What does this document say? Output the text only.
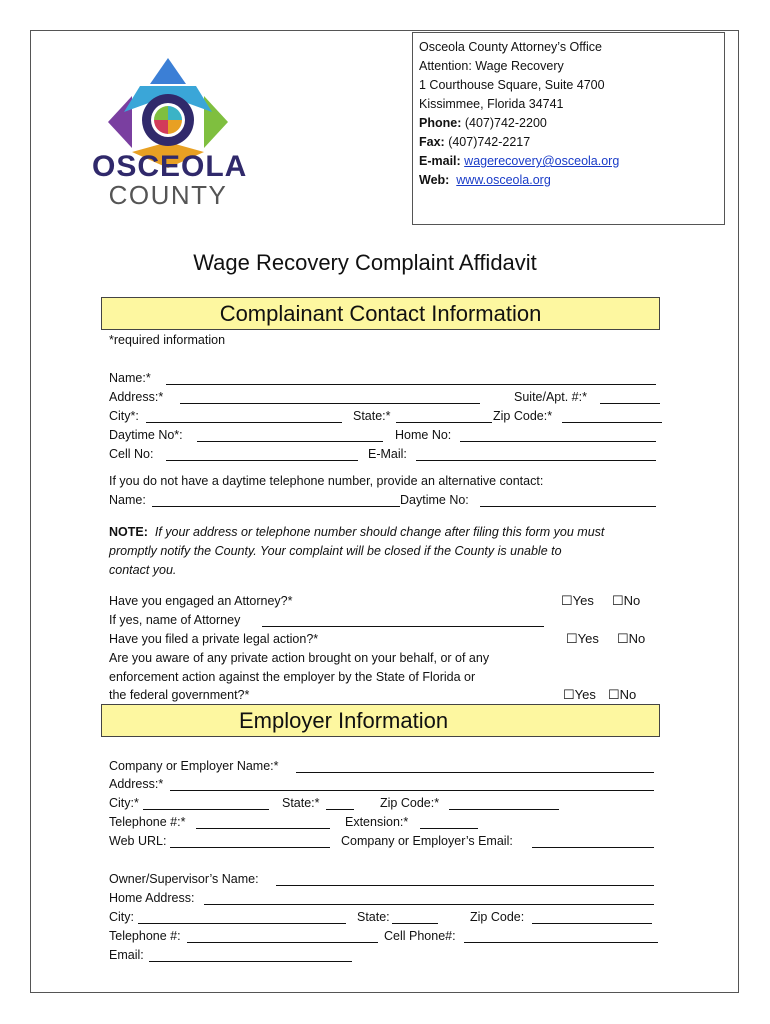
OSCEOLA
COUNTY
Osceola County Attorney’s Office
Attention: Wage Recovery
1 Courthouse Square, Suite 4700
Kissimmee, Florida 34741
Phone: (407)742-2200
Fax: (407)742-2217
E-mail: wagerecovery@osceola.org
Web: www.osceola.org
Wage Recovery Complaint Affidavit
Complainant Contact Information
*required information
Name:*
Address:*	Suite/Apt. #:*
City*:	State:*	Zip Code:*
Daytime No*:	Home No:
Cell No:	E-Mail:
If you do not have a daytime telephone number, provide an alternative contact:
Name:	Daytime No:
NOTE: If your address or telephone number should change after filing this form you must
promptly notify the County. Your complaint will be closed if the County is unable to
contact you.
Have you engaged an Attorney?*	☐Yes ☐No
If yes, name of Attorney
Have you filed a private legal action?*	☐Yes ☐No
Are you aware of any private action brought on your behalf, or of any
enforcement action against the employer by the State of Florida or
the federal government?*	☐Yes ☐No
Employer Information
Company or Employer Name:*
Address:*
City:*	State:*	Zip Code:*
Telephone #:*	Extension:*
Web URL:	Company or Employer’s Email:
Owner/Supervisor’s Name:
Home Address:
City:	State:	Zip Code:
Telephone #:	Cell Phone#:
Email:
